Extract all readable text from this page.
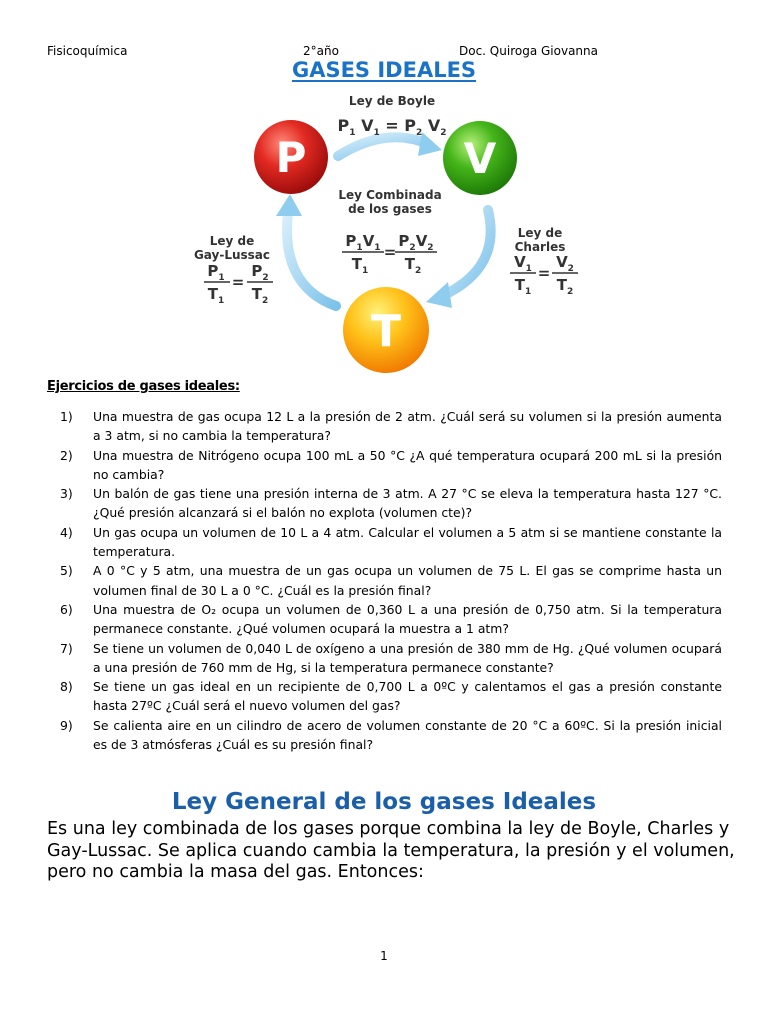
Fisicoquímica	2°año	Doc. Quiroga Giovanna
GASES IDEALES
P	V
T
Ley de Boyle
$P_1$ $V_1 = P_2$ $V_2$
Ley Combinada
de los gases
$P_1V_1$
$T_1$
=
$P_2V_2$
$T_2$
Ley de
Gay-Lussac
$P_1$
$T_1$
=
$P_2$
$T_2$
Ley de
Charles
$V_1$
$T_1$
=
$V_2$
$T_2$
Ejercicios de gases ideales:
1)	Una muestra de gas ocupa 12 L a la presión de 2 atm. ¿Cuál será su volumen si la presión aumenta a 3 atm, si no cambia la temperatura?
2)	Una muestra de Nitrógeno ocupa 100 mL a 50 °C ¿A qué temperatura ocupará 200 mL si la presión no cambia?
3)	Un balón de gas tiene una presión interna de 3 atm. A 27 °C se eleva la temperatura hasta 127 °C. ¿Qué presión alcanzará si el balón no explota (volumen cte)?
4)	Un gas ocupa un volumen de 10 L a 4 atm. Calcular el volumen a 5 atm si se mantiene constante la temperatura.
5)	A 0 °C y 5 atm, una muestra de un gas ocupa un volumen de 75 L. El gas se comprime hasta un volumen final de 30 L a 0 °C. ¿Cuál es la presión final?
6)	Una muestra de O₂ ocupa un volumen de 0,360 L a una presión de 0,750 atm. Si la temperatura permanece constante. ¿Qué volumen ocupará la muestra a 1 atm?
7)	Se tiene un volumen de 0,040 L de oxígeno a una presión de 380 mm de Hg. ¿Qué volumen ocupará a una presión de 760 mm de Hg, si la temperatura permanece constante?
8)	Se tiene un gas ideal en un recipiente de 0,700 L a 0ºC y calentamos el gas a presión constante hasta 27ºC ¿Cuál será el nuevo volumen del gas?
9)	Se calienta aire en un cilindro de acero de volumen constante de 20 °C a 60ºC. Si la presión inicial es de 3 atmósferas ¿Cuál es su presión final?
Ley General de los gases Ideales
Es una ley combinada de los gases porque combina la ley de Boyle, Charles y Gay-Lussac. Se aplica cuando cambia la temperatura, la presión y el volumen, pero no cambia la masa del gas. Entonces:
1
